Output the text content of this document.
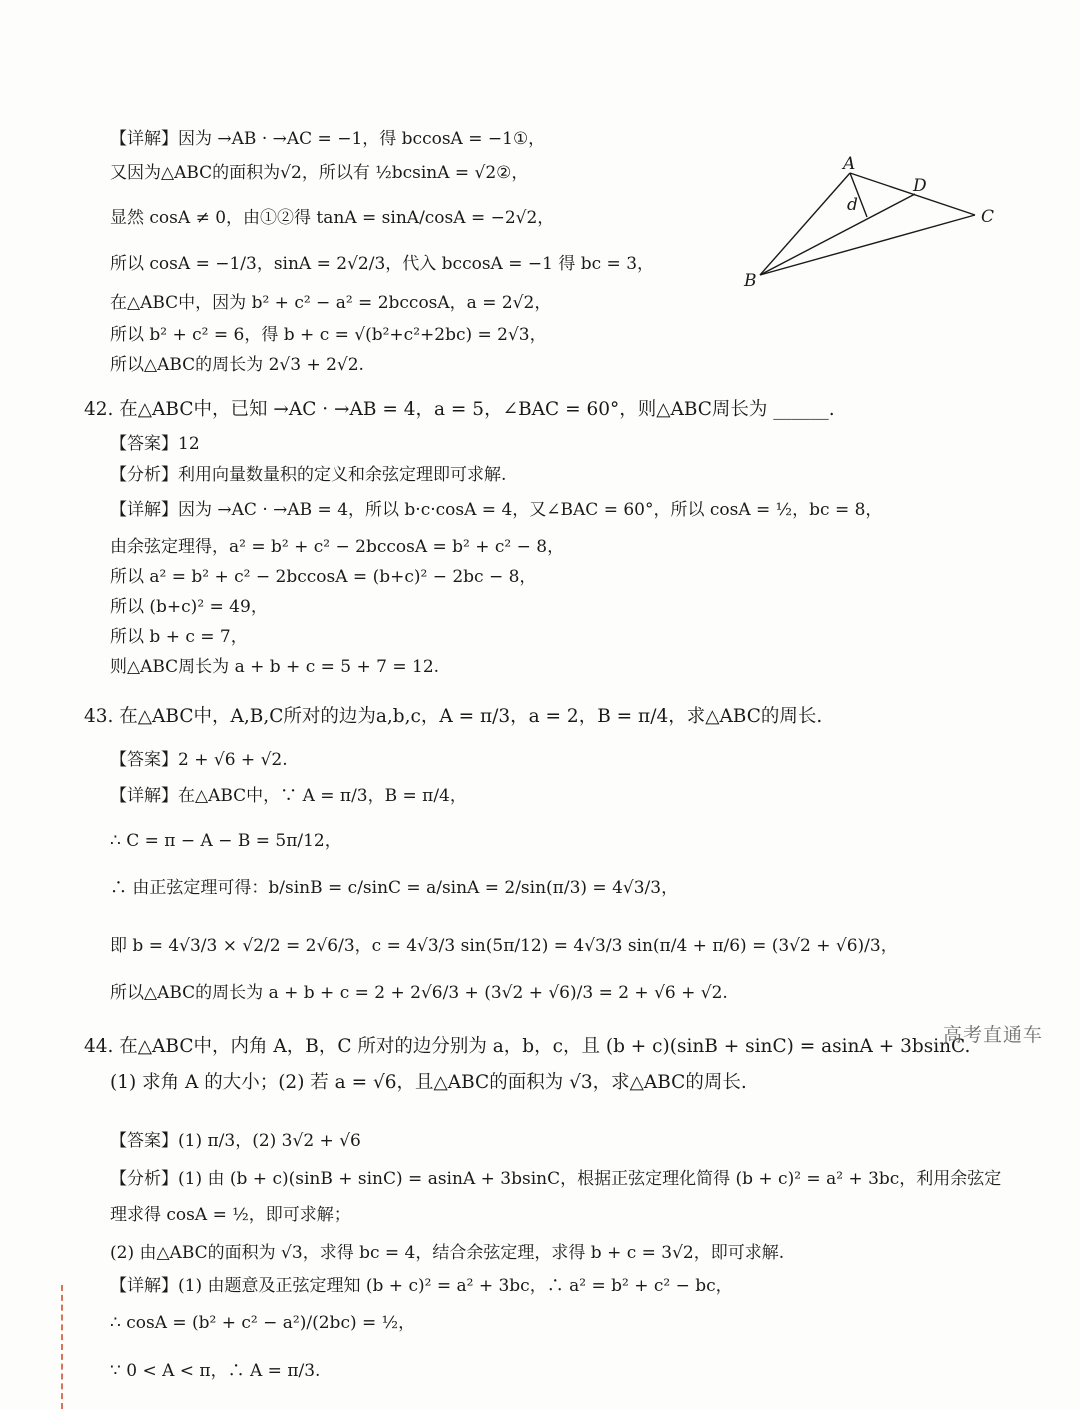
【详解】因为 →AB · →AC = −1，得 bccosA = −1①，
又因为△ABC的面积为√2，所以有 ½bcsinA = √2②，
显然 cosA ≠ 0，由①②得 tanA = sinA/cosA = −2√2，
所以 cosA = −1/3，sinA = 2√2/3，代入 bccosA = −1 得 bc = 3，
在△ABC中，因为 b² + c² − a² = 2bccosA，a = 2√2，
所以 b² + c² = 6，得 b + c = √(b²+c²+2bc) = 2√3，
所以△ABC的周长为 2√3 + 2√2.
A
D
C
B
d
42. 在△ABC中，已知 →AC · →AB = 4，a = 5，∠BAC = 60°，则△ABC周长为 ______.
【答案】12
【分析】利用向量数量积的定义和余弦定理即可求解.
【详解】因为 →AC · →AB = 4，所以 b·c·cosA = 4，又∠BAC = 60°，所以 cosA = ½，bc = 8，
由余弦定理得，a² = b² + c² − 2bccosA = b² + c² − 8，
所以 a² = b² + c² − 2bccosA = (b+c)² − 2bc − 8，
所以 (b+c)² = 49，
所以 b + c = 7，
则△ABC周长为 a + b + c = 5 + 7 = 12.
43. 在△ABC中，A,B,C所对的边为a,b,c，A = π/3，a = 2，B = π/4，求△ABC的周长.
【答案】2 + √6 + √2.
【详解】在△ABC中，∵ A = π/3，B = π/4，
∴ C = π − A − B = 5π/12，
∴ 由正弦定理可得：b/sinB = c/sinC = a/sinA = 2/sin(π/3) = 4√3/3，
即 b = 4√3/3 × √2/2 = 2√6/3，c = 4√3/3 sin(5π/12) = 4√3/3 sin(π/4 + π/6) = (3√2 + √6)/3，
所以△ABC的周长为 a + b + c = 2 + 2√6/3 + (3√2 + √6)/3 = 2 + √6 + √2.
44. 在△ABC中，内角 A，B，C 所对的边分别为 a，b，c，且 (b + c)(sinB + sinC) = asinA + 3bsinC.
(1) 求角 A 的大小；(2) 若 a = √6，且△ABC的面积为 √3，求△ABC的周长.
【答案】(1) π/3，(2) 3√2 + √6
【分析】(1) 由 (b + c)(sinB + sinC) = asinA + 3bsinC，根据正弦定理化简得 (b + c)² = a² + 3bc，利用余弦定
理求得 cosA = ½，即可求解；
(2) 由△ABC的面积为 √3，求得 bc = 4，结合余弦定理，求得 b + c = 3√2，即可求解.
【详解】(1) 由题意及正弦定理知 (b + c)² = a² + 3bc，∴ a² = b² + c² − bc，
∴ cosA = (b² + c² − a²)/(2bc) = ½，
∵ 0 < A < π，∴ A = π/3.
高考直通车
